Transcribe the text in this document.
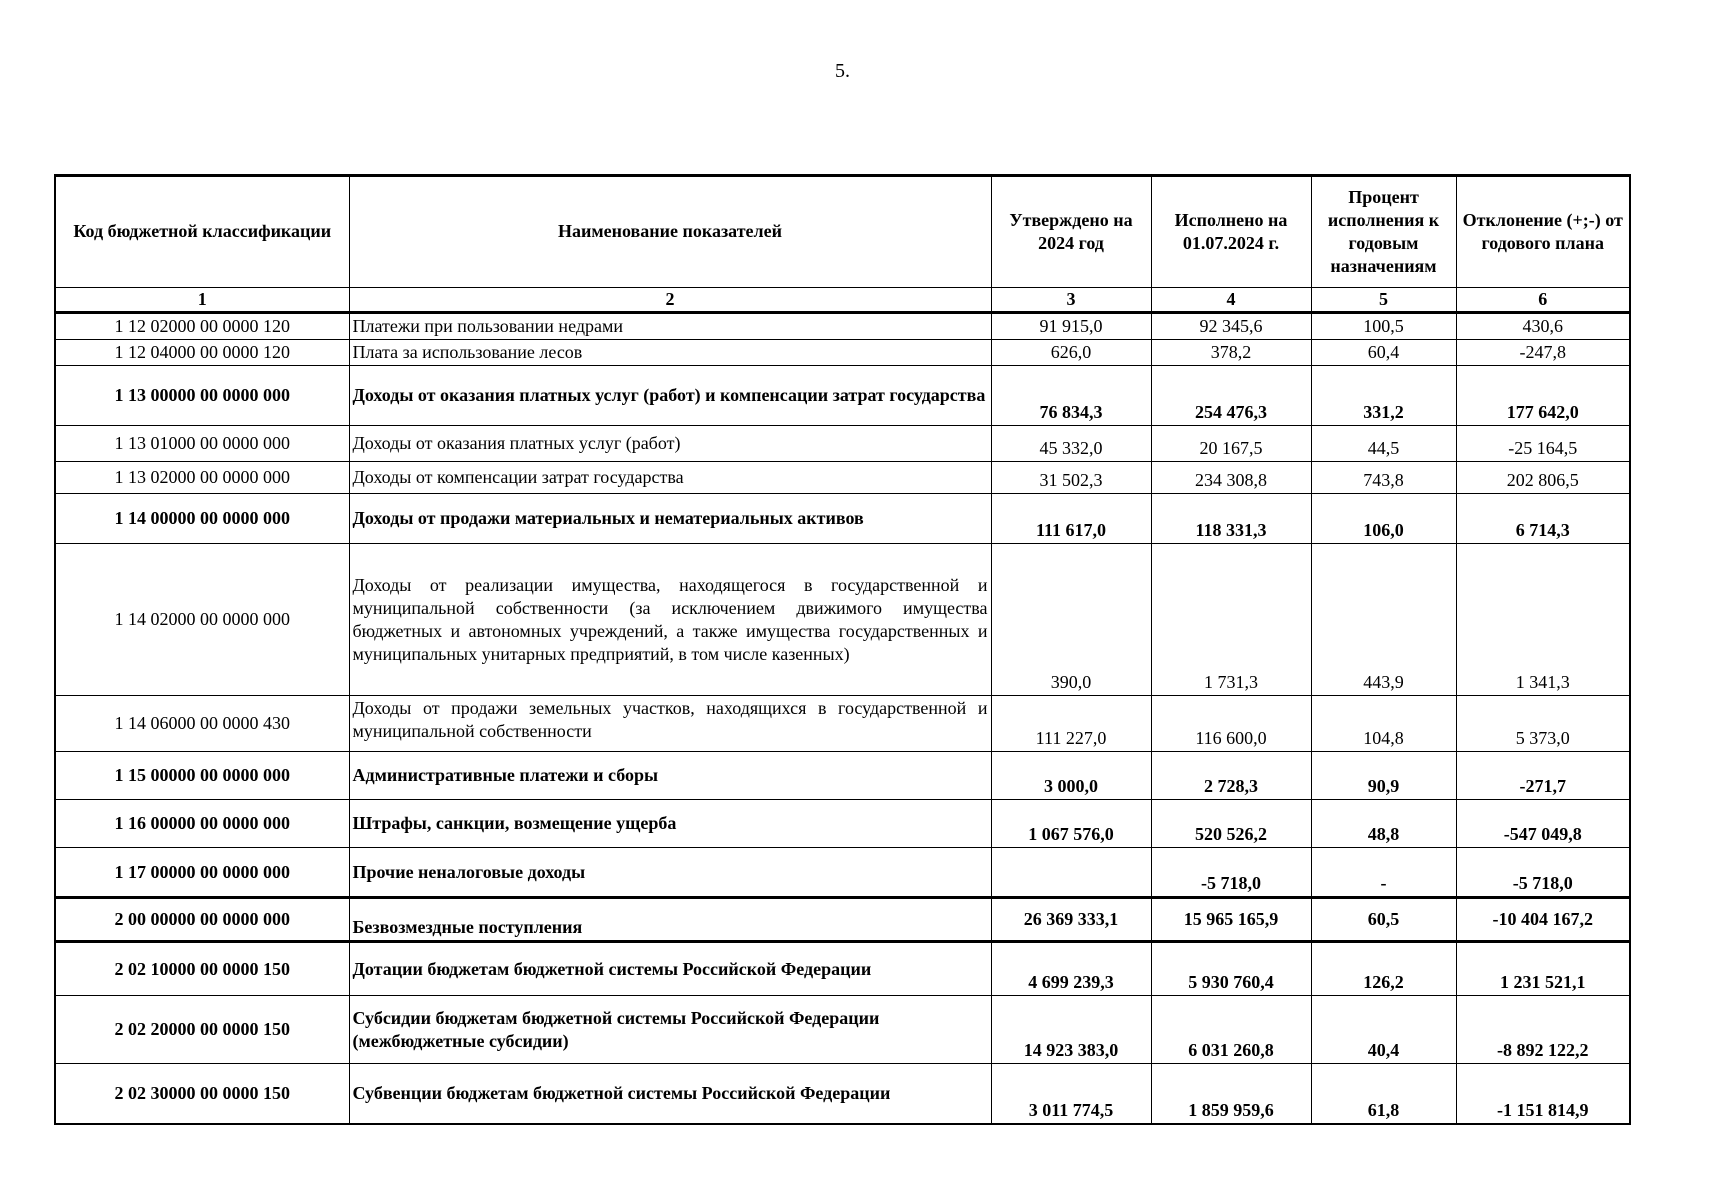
5.
Код бюджетной классификации	Наименование показателей	Утверждено на 2024 год	Исполнено на 01.07.2024 г.	Процент исполнения к годовым назначениям	Отклонение (+;-) от годового плана
1	2	3	4	5	6
1 12 02000 00 0000 120	Платежи при пользовании недрами	91 915,0	92 345,6	100,5	430,6
1 12 04000 00 0000 120	Плата за использование лесов	626,0	378,2	60,4	-247,8
1 13 00000 00 0000 000	Доходы от оказания платных услуг (работ) и компенсации затрат государства	76 834,3	254 476,3	331,2	177 642,0
1 13 01000 00 0000 000	Доходы от оказания платных услуг (работ)	45 332,0	20 167,5	44,5	-25 164,5
1 13 02000 00 0000 000	Доходы от компенсации затрат государства	31 502,3	234 308,8	743,8	202 806,5
1 14 00000 00 0000 000	Доходы от продажи материальных и нематериальных активов	111 617,0	118 331,3	106,0	6 714,3
1 14 02000 00 0000 000	Доходы от реализации имущества, находящегося в государственной и муниципальной собственности (за исключением движимого имущества бюджетных и автономных учреждений, а также имущества государственных и муниципальных унитарных предприятий, в том числе казенных)	390,0	1 731,3	443,9	1 341,3
1 14 06000 00 0000 430	Доходы от продажи земельных участков, находящихся в государственной и муниципальной собственности	111 227,0	116 600,0	104,8	5 373,0
1 15 00000 00 0000 000	Административные платежи и сборы	3 000,0	2 728,3	90,9	-271,7
1 16 00000 00 0000 000	Штрафы, санкции, возмещение ущерба	1 067 576,0	520 526,2	48,8	-547 049,8
1 17 00000 00 0000 000	Прочие неналоговые доходы		-5 718,0	-	-5 718,0
2 00 00000 00 0000 000	Безвозмездные поступления	26 369 333,1	15 965 165,9	60,5	-10 404 167,2
2 02 10000 00 0000 150	Дотации бюджетам бюджетной системы Российской Федерации	4 699 239,3	5 930 760,4	126,2	1 231 521,1
2 02 20000 00 0000 150	Субсидии бюджетам бюджетной системы Российской Федерации (межбюджетные субсидии)	14 923 383,0	6 031 260,8	40,4	-8 892 122,2
2 02 30000 00 0000 150	Субвенции бюджетам бюджетной системы Российской Федерации	3 011 774,5	1 859 959,6	61,8	-1 151 814,9
